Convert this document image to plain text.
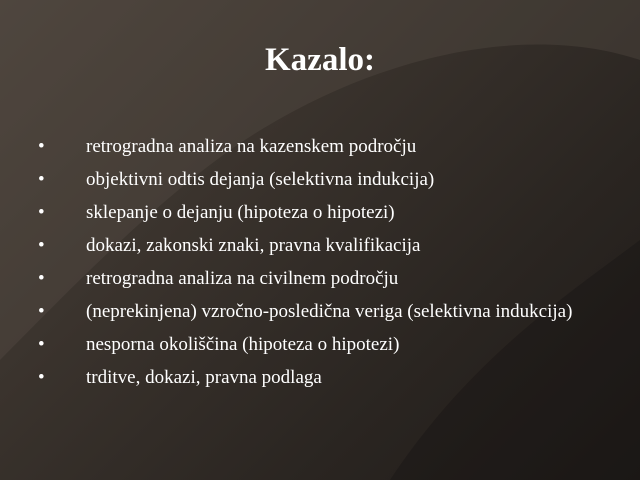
Kazalo:
•	retrogradna analiza na kazenskem področju
•	objektivni odtis dejanja (selektivna indukcija)
•	sklepanje o dejanju (hipoteza o hipotezi)
•	dokazi, zakonski znaki, pravna kvalifikacija
•	retrogradna analiza na civilnem področju
•	(neprekinjena) vzročno-posledična veriga (selektivna indukcija)
•	nesporna okoliščina (hipoteza o hipotezi)
•	trditve, dokazi, pravna podlaga
